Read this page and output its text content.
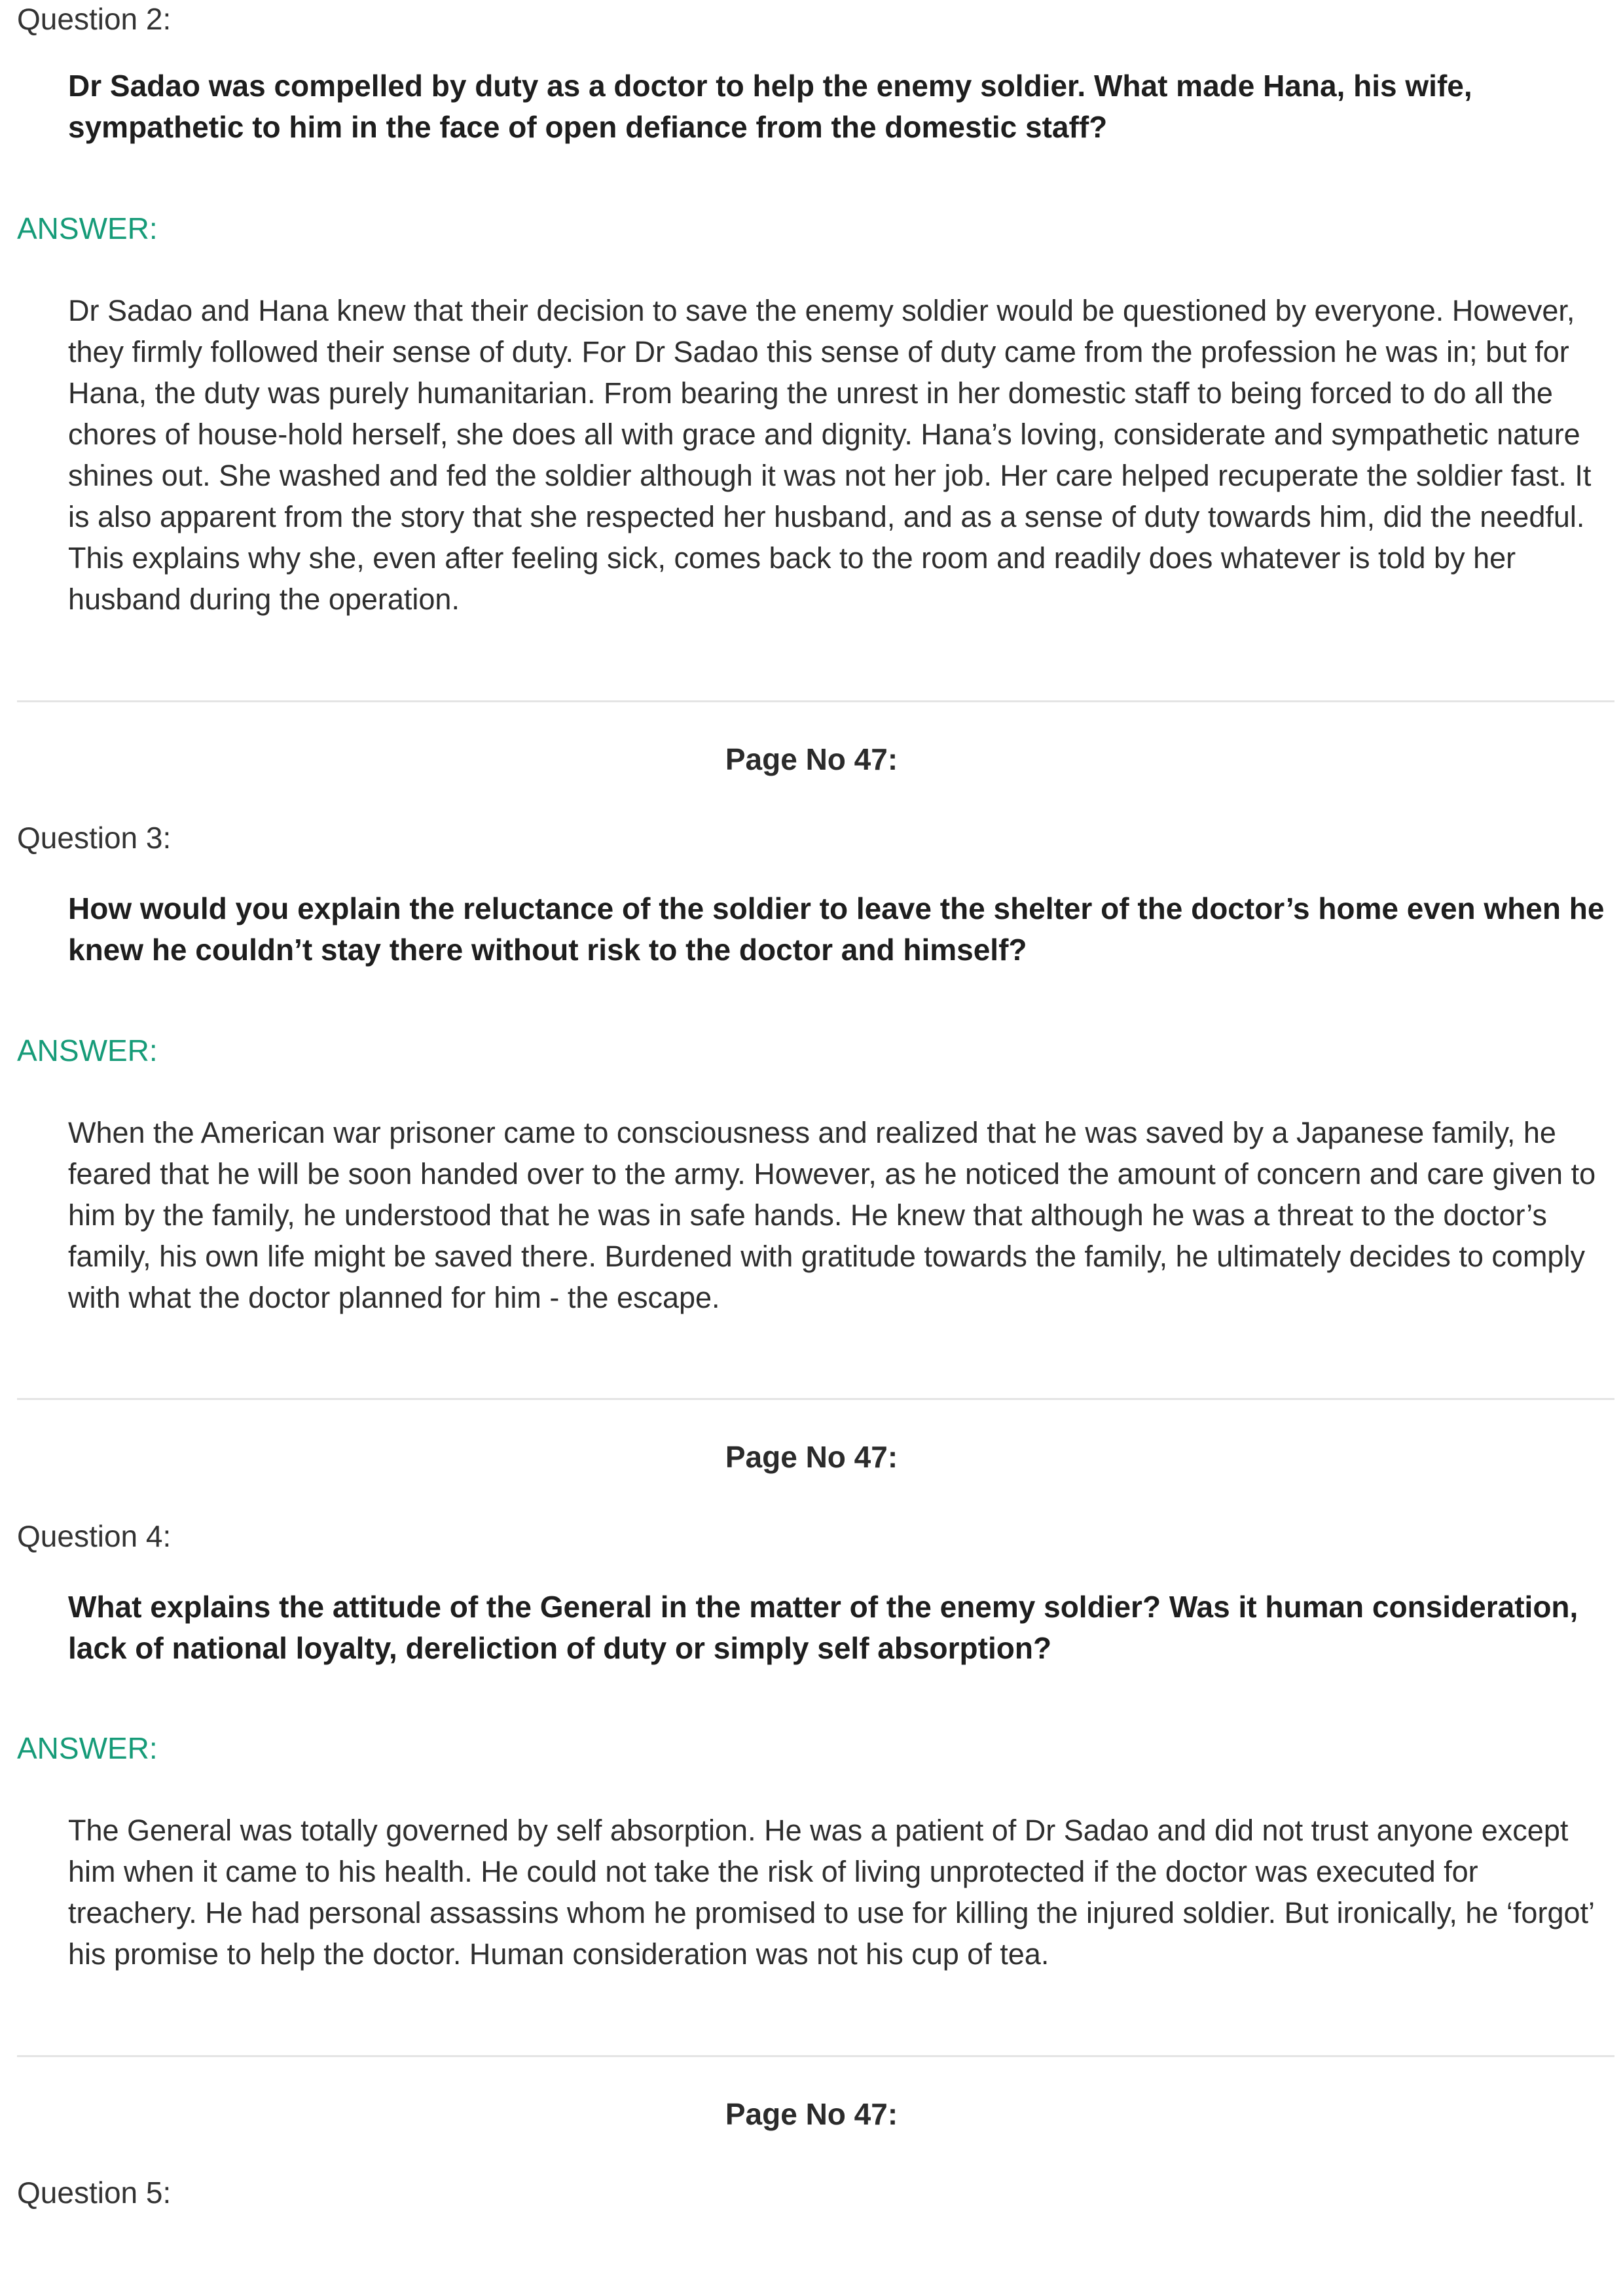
Question 2:

Dr Sadao was compelled by duty as a doctor to help the enemy soldier. What made Hana, his wife, sympathetic to him in the face of open defiance from the domestic staff?

ANSWER:

Dr Sadao and Hana knew that their decision to save the enemy soldier would be questioned by everyone. However, they firmly followed their sense of duty. For Dr Sadao this sense of duty came from the profession he was in; but for Hana, the duty was purely humanitarian. From bearing the unrest in her domestic staff to being forced to do all the chores of house-hold herself, she does all with grace and dignity. Hana’s loving, considerate and sympathetic nature shines out. She washed and fed the soldier although it was not her job. Her care helped recuperate the soldier fast. It is also apparent from the story that she respected her husband, and as a sense of duty towards him, did the needful. This explains why she, even after feeling sick, comes back to the room and readily does whatever is told by her husband during the operation.

Page No 47:

Question 3:

How would you explain the reluctance of the soldier to leave the shelter of the doctor’s home even when he knew he couldn’t stay there without risk to the doctor and himself?

ANSWER:

When the American war prisoner came to consciousness and realized that he was saved by a Japanese family, he feared that he will be soon handed over to the army. However, as he noticed the amount of concern and care given to him by the family, he understood that he was in safe hands. He knew that although he was a threat to the doctor’s family, his own life might be saved there. Burdened with gratitude towards the family, he ultimately decides to comply with what the doctor planned for him - the escape.

Page No 47:

Question 4:

What explains the attitude of the General in the matter of the enemy soldier? Was it human consideration, lack of national loyalty, dereliction of duty or simply self absorption?

ANSWER:

The General was totally governed by self absorption. He was a patient of Dr Sadao and did not trust anyone except him when it came to his health. He could not take the risk of living unprotected if the doctor was executed for treachery. He had personal assassins whom he promised to use for killing the injured soldier. But ironically, he ‘forgot’ his promise to help the doctor. Human consideration was not his cup of tea.

Page No 47:

Question 5:
